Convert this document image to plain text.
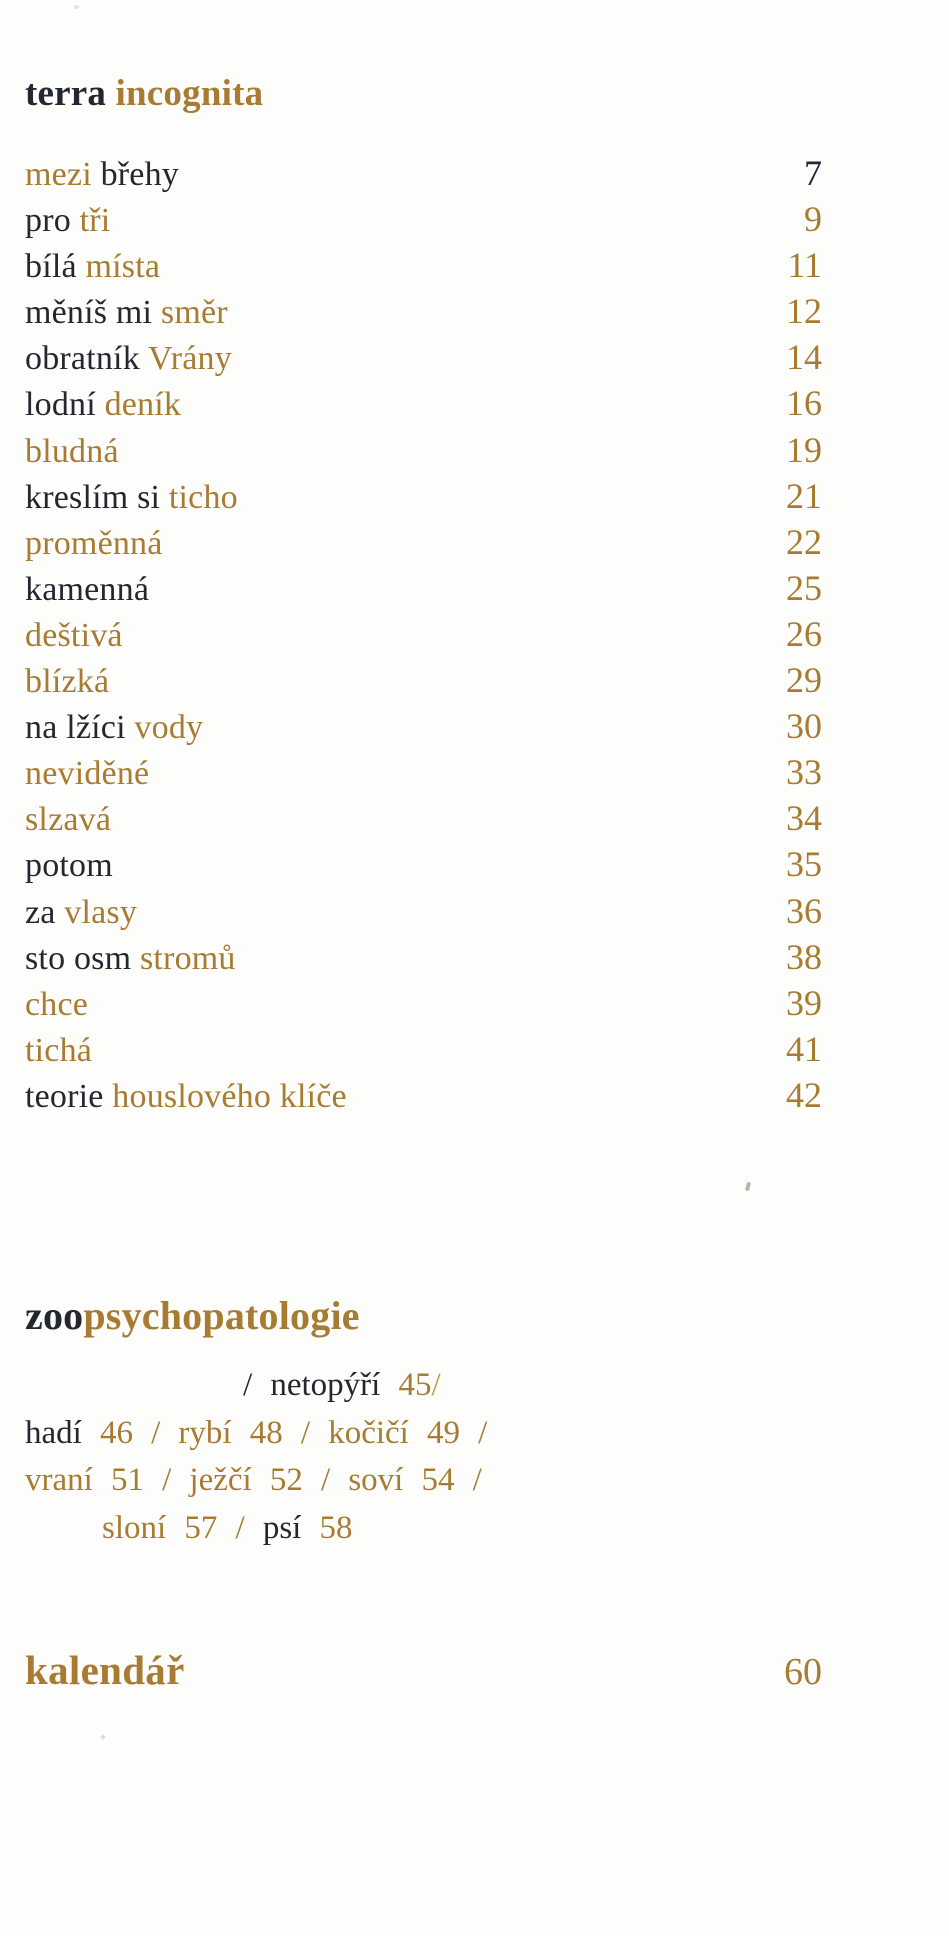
terra incognita
mezi břehy	7
pro tři	9
bílá místa	11
měníš mi směr	12
obratník Vrány	14
lodní deník	16
bludná	19
kreslím si ticho	21
proměnná	22
kamenná	25
deštivá	26
blízká	29
na lžíci vody	30
neviděné	33
slzavá	34
potom	35
za vlasy	36
sto osm stromů	38
chce	39
tichá	41
teorie houslového klíče	42
zoopsychopatologie
/ netopýří 45/
hadí 46 / rybí 48 / kočičí 49 /
vraní 51 / ježčí 52 / soví 54 /
sloní 57 / psí 58
kalendář	60
